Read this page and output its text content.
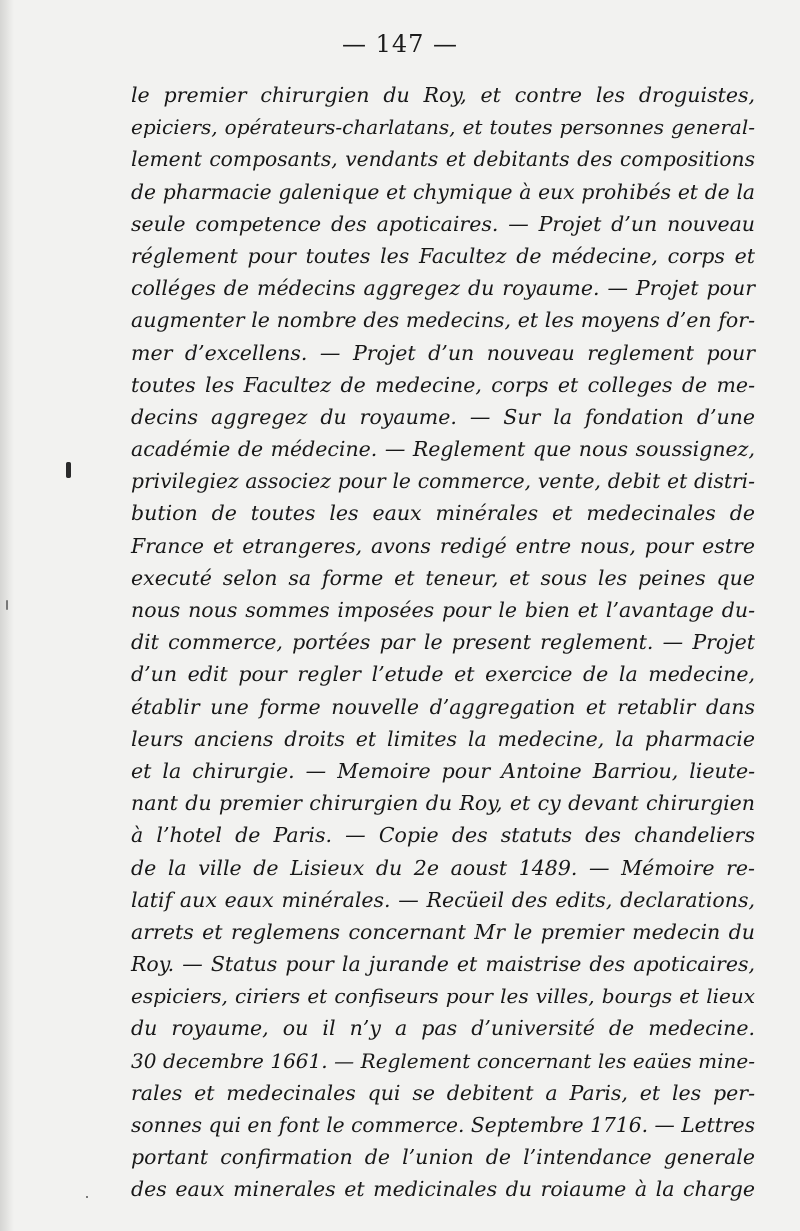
— 147 —
le premier chirurgien du Roy, et contre les droguistes,
epiciers, opérateurs-charlatans, et toutes personnes general-
lement composants, vendants et debitants des compositions
de pharmacie galenique et chymique à eux prohibés et de la
seule competence des apoticaires. — Projet d’un nouveau
réglement pour toutes les Facultez de médecine, corps et
colléges de médecins aggregez du royaume. — Projet pour
augmenter le nombre des medecins, et les moyens d’en for-
mer d’excellens. — Projet d’un nouveau reglement pour
toutes les Facultez de medecine, corps et colleges de me-
decins aggregez du royaume. — Sur la fondation d’une
académie de médecine. — Reglement que nous soussignez,
privilegiez associez pour le commerce, vente, debit et distri-
bution de toutes les eaux minérales et medecinales de
France et etrangeres, avons redigé entre nous, pour estre
executé selon sa forme et teneur, et sous les peines que
nous nous sommes imposées pour le bien et l’avantage du-
dit commerce, portées par le present reglement. — Projet
d’un edit pour regler l’etude et exercice de la medecine,
établir une forme nouvelle d’aggregation et retablir dans
leurs anciens droits et limites la medecine, la pharmacie
et la chirurgie. — Memoire pour Antoine Barriou, lieute-
nant du premier chirurgien du Roy, et cy devant chirurgien
à l’hotel de Paris. — Copie des statuts des chandeliers
de la ville de Lisieux du 2e aoust 1489. — Mémoire re-
latif aux eaux minérales. — Recüeil des edits, declarations,
arrets et reglemens concernant Mr le premier medecin du
Roy. — Status pour la jurande et maistrise des apoticaires,
espiciers, ciriers et confiseurs pour les villes, bourgs et lieux
du royaume, ou il n’y a pas d’université de medecine.
30 decembre 1661. — Reglement concernant les eaües mine-
rales et medecinales qui se debitent a Paris, et les per-
sonnes qui en font le commerce. Septembre 1716. — Lettres
portant confirmation de l’union de l’intendance generale
des eaux minerales et medicinales du roiaume à la charge
